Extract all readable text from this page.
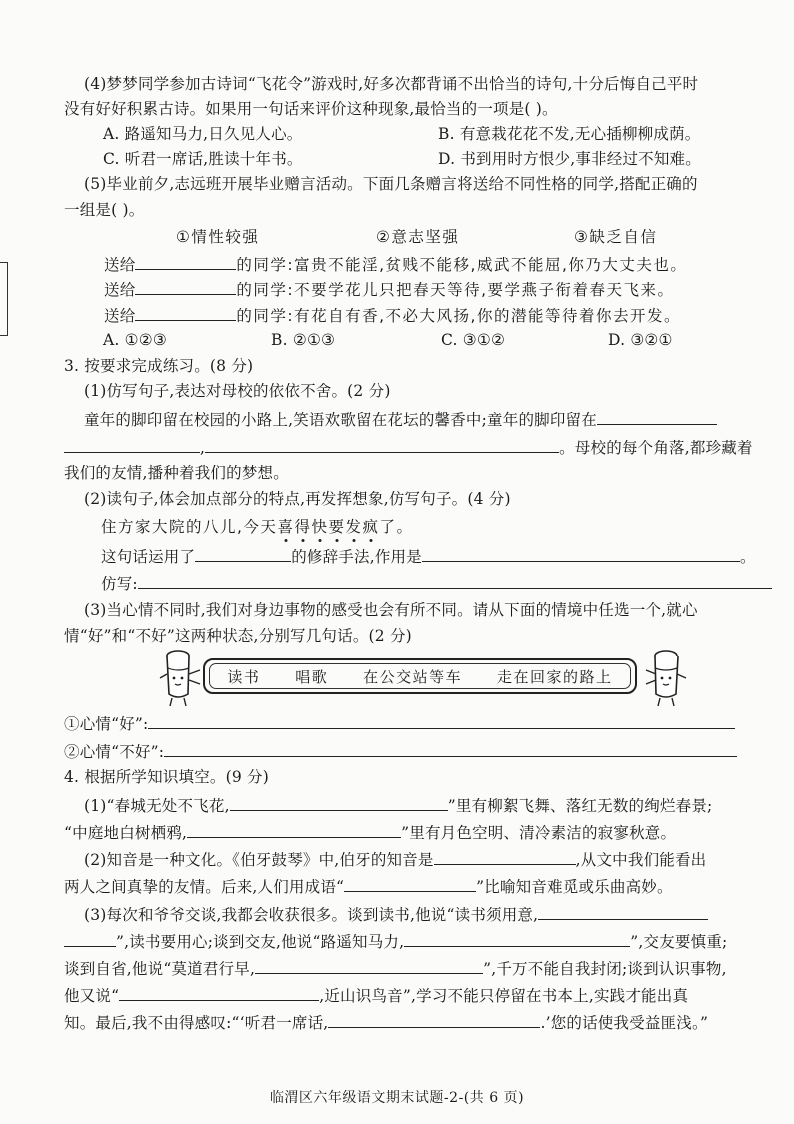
(4)梦梦同学参加古诗词“飞花令”游戏时,好多次都背诵不出恰当的诗句,十分后悔自己平时
没有好好积累古诗。如果用一句话来评价这种现象,最恰当的一项是( )。
A. 路遥知马力,日久见人心。	B. 有意栽花花不发,无心插柳柳成荫。
C. 听君一席话,胜读十年书。	D. 书到用时方恨少,事非经过不知难。
(5)毕业前夕,志远班开展毕业赠言活动。下面几条赠言将送给不同性格的同学,搭配正确的
一组是( )。
①情性较强	②意志坚强	③缺乏自信
送给	的同学:富贵不能淫,贫贱不能移,威武不能屈,你乃大丈夫也。
送给	的同学:不要学花儿只把春天等待,要学燕子衔着春天飞来。
送给	的同学:有花自有香,不必大风扬,你的潜能等待着你去开发。
A. ①②③	B. ②①③	C. ③①②	D. ③②①
3. 按要求完成练习。(8 分)
(1)仿写句子,表达对母校的依依不舍。(2 分)
童年的脚印留在校园的小路上,笑语欢歌留在花坛的馨香中;童年的脚印留在
,	。母校的每个角落,都珍藏着
我们的友情,播种着我们的梦想。
(2)读句子,体会加点部分的特点,再发挥想象,仿写句子。(4 分)
住方家大院的八儿,今天喜得快要发疯了。
这句话运用了	的修辞手法,作用是	。
仿写:
(3)当心情不同时,我们对身边事物的感受也会有所不同。请从下面的情境中任选一个,就心
情“好”和“不好”这两种状态,分别写几句话。(2 分)
读书 唱歌 在公交站等车 走在回家的路上
①心情“好”:
②心情“不好”:
4. 根据所学知识填空。(9 分)
(1)“春城无处不飞花,	”里有柳絮飞舞、落红无数的绚烂春景;
“中庭地白树栖鸦,	”里有月色空明、清冷素洁的寂寥秋意。
(2)知音是一种文化。《伯牙鼓琴》中,伯牙的知音是	,从文中我们能看出
两人之间真挚的友情。后来,人们用成语“	”比喻知音难觅或乐曲高妙。
(3)每次和爷爷交谈,我都会收获很多。谈到读书,他说“读书须用意,
”,读书要用心;谈到交友,他说“路遥知马力,	”,交友要慎重;
谈到自省,他说“莫道君行早,	”,千万不能自我封闭;谈到认识事物,
他又说“	,近山识鸟音”,学习不能只停留在书本上,实践才能出真
知。最后,我不由得感叹:“‘听君一席话,	.’您的话使我受益匪浅。”
临渭区六年级语文期末试题-2-(共 6 页)
